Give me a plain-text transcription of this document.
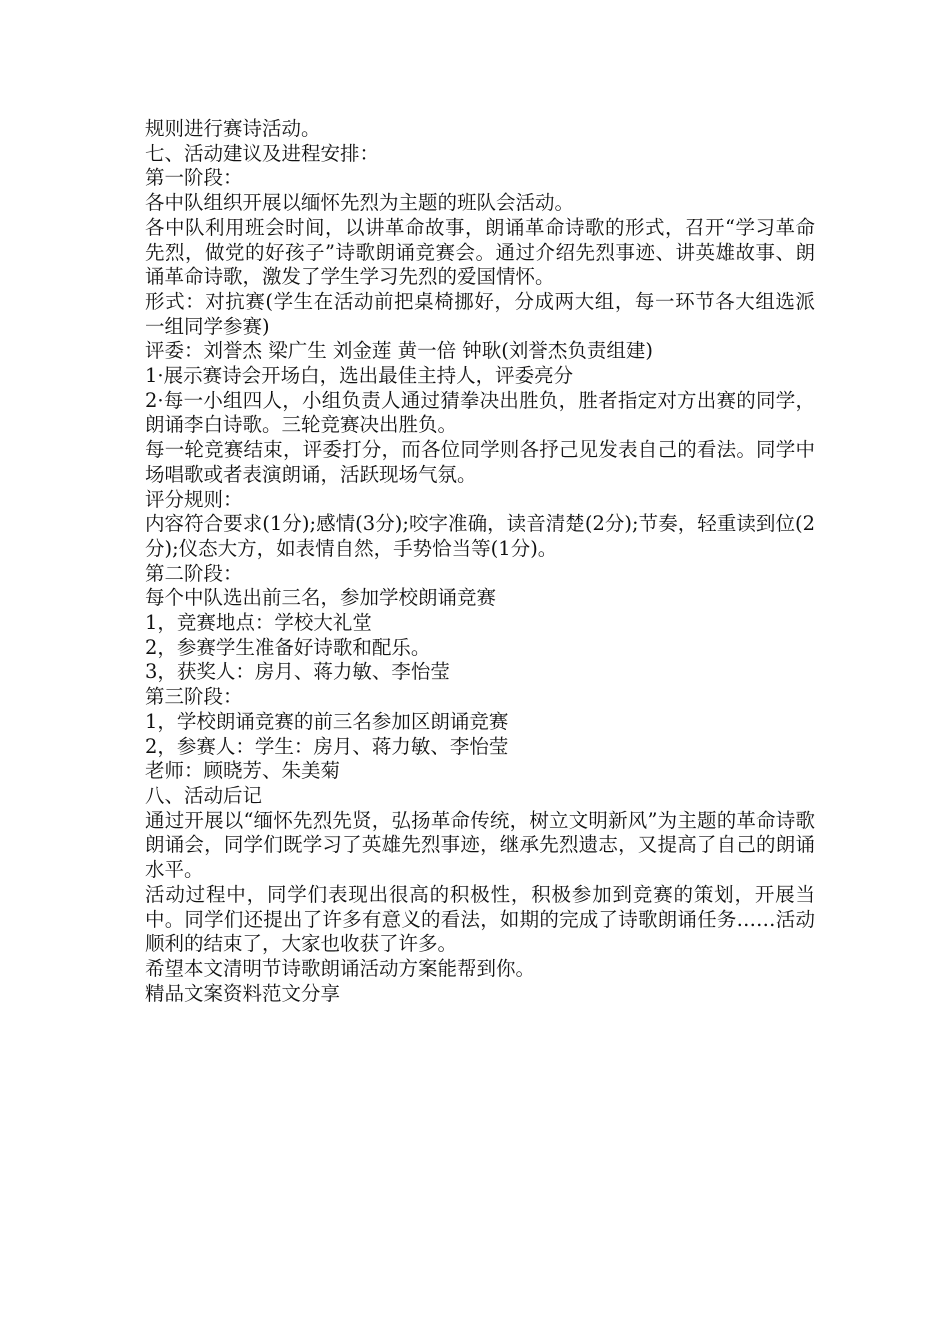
规则进行赛诗活动。

七、活动建议及进程安排：

第一阶段：

各中队组织开展以缅怀先烈为主题的班队会活动。

各中队利用班会时间，以讲革命故事，朗诵革命诗歌的形式，召开“学习革命先烈，做党的好孩子”诗歌朗诵竞赛会。通过介绍先烈事迹、讲英雄故事、朗诵革命诗歌，激发了学生学习先烈的爱国情怀。

形式：对抗赛(学生在活动前把桌椅挪好，分成两大组，每一环节各大组选派一组同学参赛)

评委：刘誉杰 梁广生 刘金莲 黄一倍 钟耿(刘誉杰负责组建)

1·展示赛诗会开场白，选出最佳主持人，评委亮分

2·每一小组四人，小组负责人通过猜拳决出胜负，胜者指定对方出赛的同学，朗诵李白诗歌。三轮竞赛决出胜负。

每一轮竞赛结束，评委打分，而各位同学则各抒己见发表自己的看法。同学中场唱歌或者表演朗诵，活跃现场气氛。

评分规则：

内容符合要求(1分);感情(3分);咬字准确，读音清楚(2分);节奏，轻重读到位(2分);仪态大方，如表情自然，手势恰当等(1分)。

第二阶段：

每个中队选出前三名，参加学校朗诵竞赛

1，竞赛地点：学校大礼堂

2，参赛学生准备好诗歌和配乐。

3，获奖人：房月、蒋力敏、李怡莹

第三阶段：

1，学校朗诵竞赛的前三名参加区朗诵竞赛

2，参赛人：学生：房月、蒋力敏、李怡莹

老师：顾晓芳、朱美菊

八、活动后记

通过开展以“缅怀先烈先贤，弘扬革命传统，树立文明新风”为主题的革命诗歌朗诵会，同学们既学习了英雄先烈事迹，继承先烈遗志，又提高了自己的朗诵水平。

活动过程中，同学们表现出很高的积极性，积极参加到竞赛的策划，开展当中。同学们还提出了许多有意义的看法，如期的完成了诗歌朗诵任务……活动顺利的结束了，大家也收获了许多。

希望本文清明节诗歌朗诵活动方案能帮到你。

精品文案资料范文分享
